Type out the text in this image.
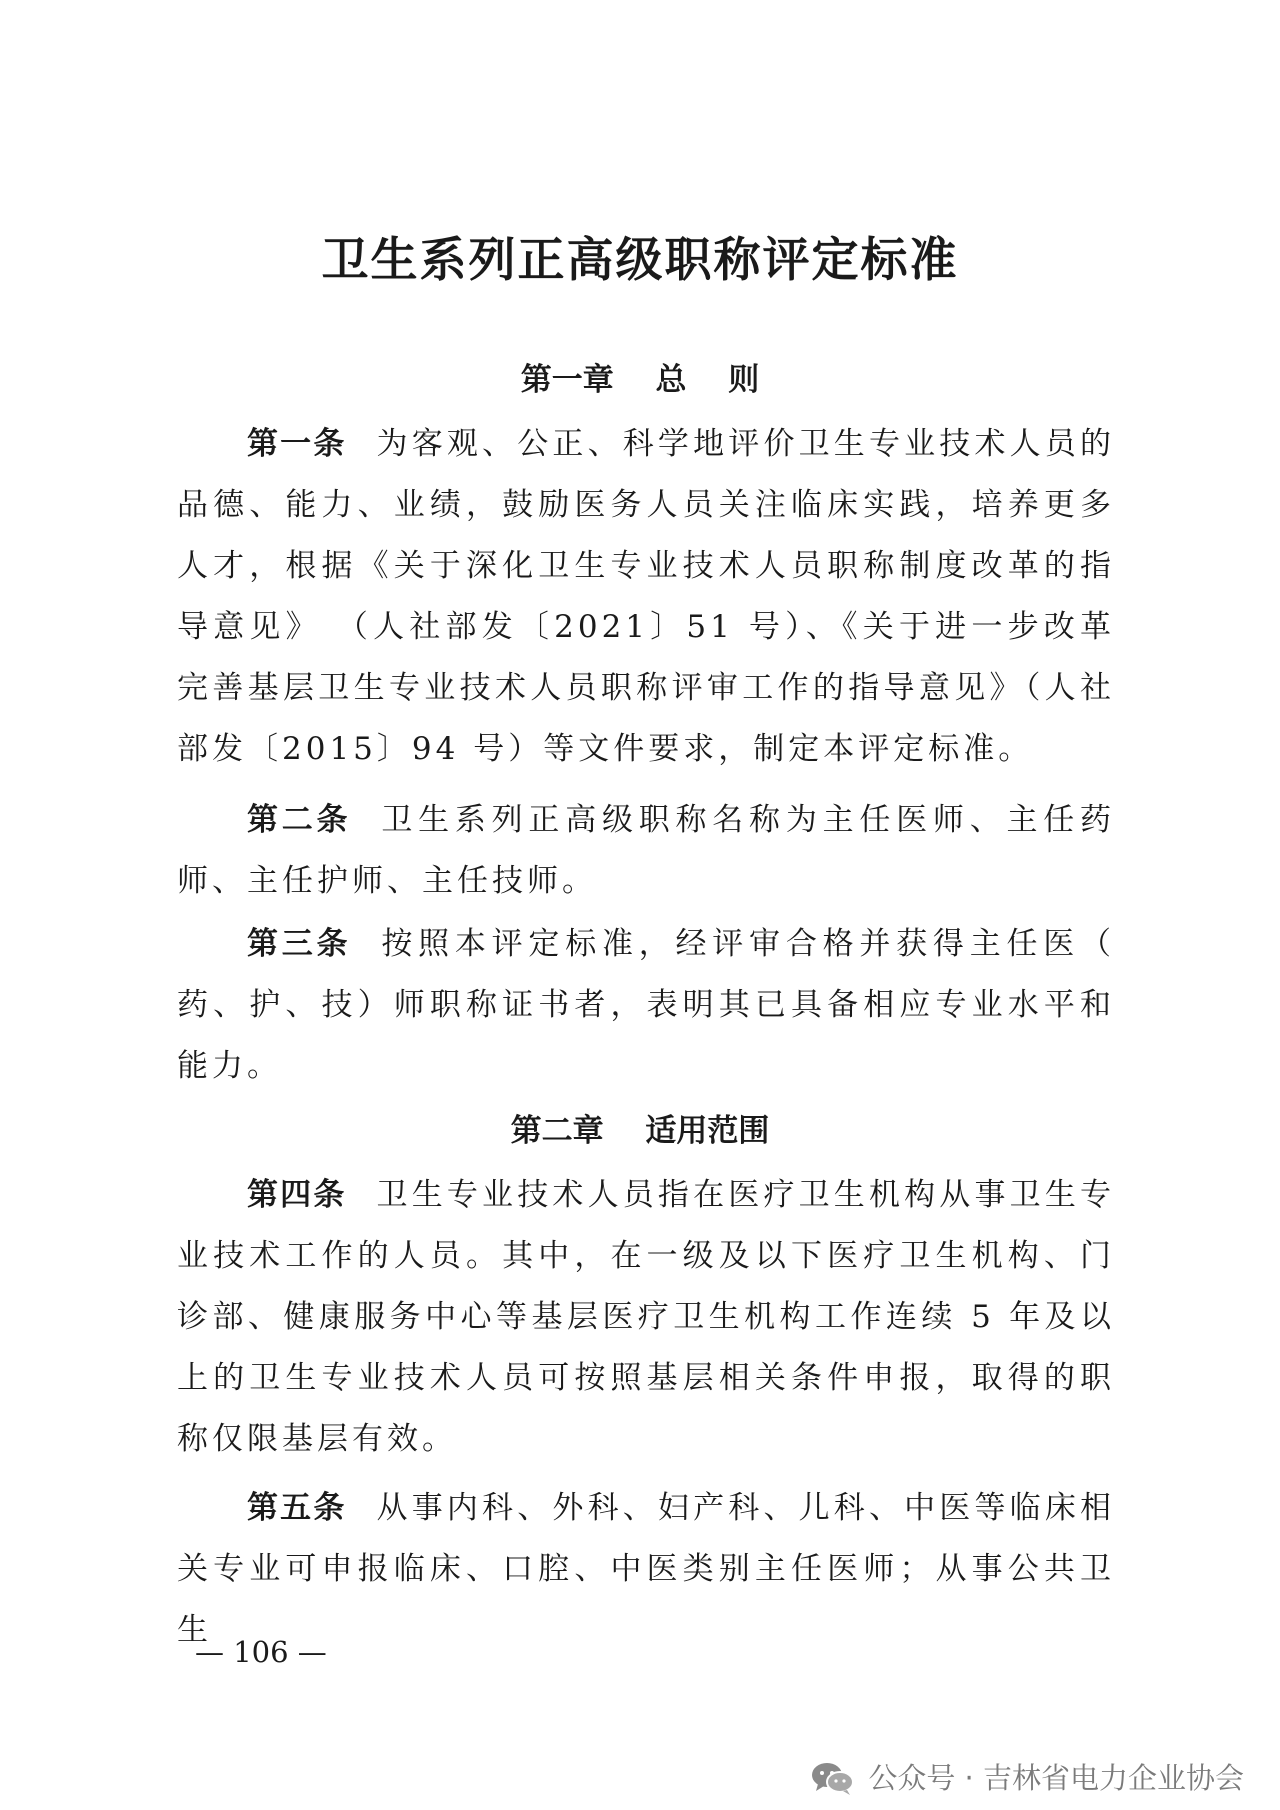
卫生系列正高级职称评定标准
第一章　 总　 则

第一条 为客观、公正、科学地评价卫生专业技术人员的品德、能力、业绩，鼓励医务人员关注临床实践，培养更多人才，根据《关于深化卫生专业技术人员职称制度改革的指导意见》 （人社部发〔2021〕51 号）、《关于进一步改革完善基层卫生专业技术人员职称评审工作的指导意见》（人社部发〔2015〕94 号）等文件要求，制定本评定标准。

第二条 卫生系列正高级职称名称为主任医师、主任药师、主任护师、主任技师。

第三条 按照本评定标准，经评审合格并获得主任医（ 药、护、技）师职称证书者，表明其已具备相应专业水平和能力。

第二章　 适用范围

第四条 卫生专业技术人员指在医疗卫生机构从事卫生专业技术工作的人员。其中，在一级及以下医疗卫生机构、门诊部、健康服务中心等基层医疗卫生机构工作连续 5 年及以上的卫生专业技术人员可按照基层相关条件申报，取得的职称仅限基层有效。

第五条 从事内科、外科、妇产科、儿科、中医等临床相关专业可申报临床、口腔、中医类别主任医师；从事公共卫生

— 106 —

公众号 · 吉林省电力企业协会
